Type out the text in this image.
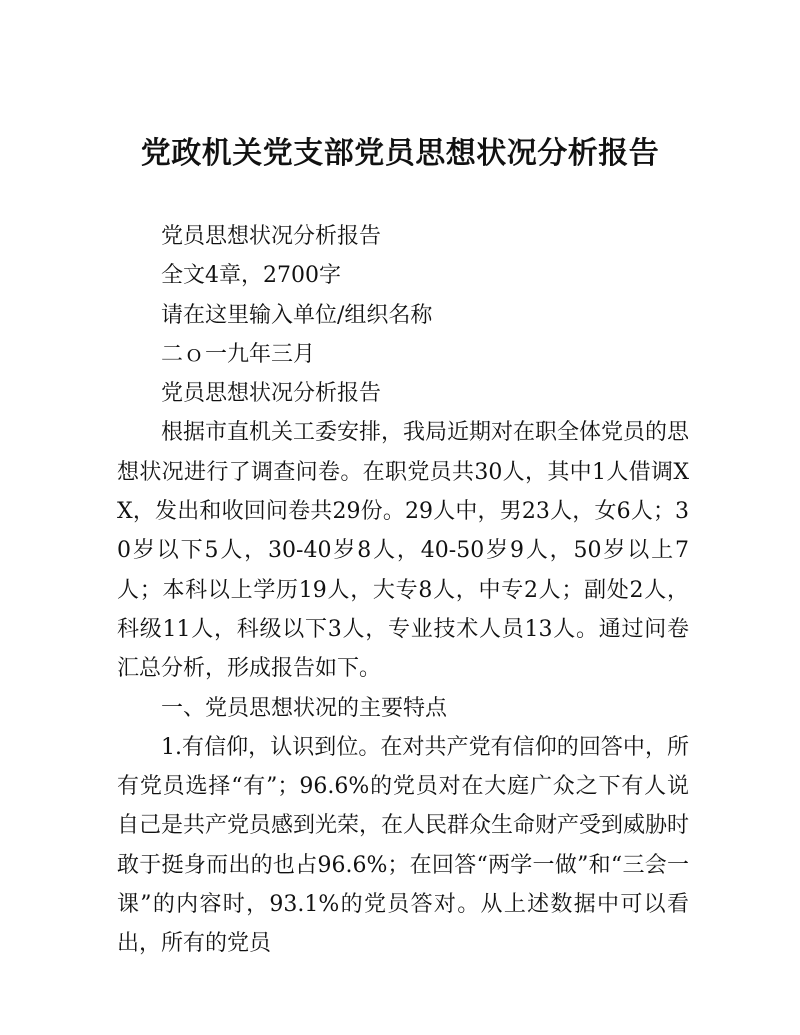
党政机关党支部党员思想状况分析报告

党员思想状况分析报告

全文4章，2700字

请在这里输入单位/组织名称

二ｏ一九年三月

党员思想状况分析报告

根据市直机关工委安排，我局近期对在职全体党员的思想状况进行了调查问卷。在职党员共30人，其中1人借调XX，发出和收回问卷共29份。29人中，男23人，女6人；30岁以下5人，30-40岁8人，40-50岁9人，50岁以上7人；本科以上学历19人，大专8人，中专2人；副处2人，科级11人，科级以下3人，专业技术人员13人。通过问卷汇总分析，形成报告如下。

一、党员思想状况的主要特点

1.有信仰，认识到位。在对共产党有信仰的回答中，所有党员选择“有”；96.6%的党员对在大庭广众之下有人说自己是共产党员感到光荣，在人民群众生命财产受到威胁时敢于挺身而出的也占96.6%；在回答“两学一做”和“三会一课”的内容时，93.1%的党员答对。从上述数据中可以看出，所有的党员
